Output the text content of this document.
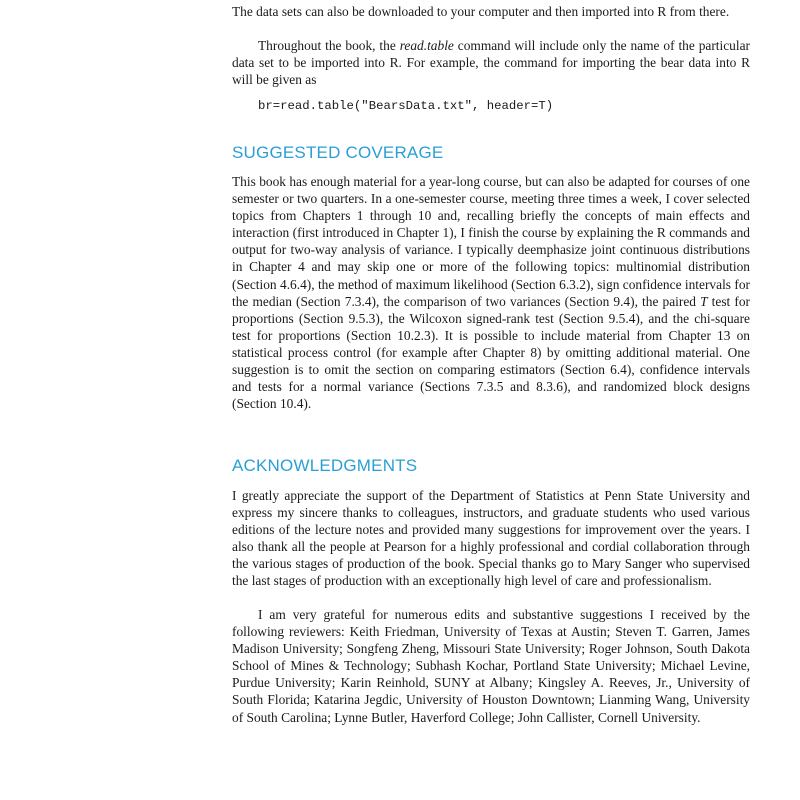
The data sets can also be downloaded to your computer and then imported into R from there.

Throughout the book, the read.table command will include only the name of the particular data set to be imported into R. For example, the command for importing the bear data into R will be given as

br=read.table("BearsData.txt", header=T)
SUGGESTED COVERAGE

This book has enough material for a year-long course, but can also be adapted for courses of one semester or two quarters. In a one-semester course, meeting three times a week, I cover selected topics from Chapters 1 through 10 and, recalling briefly the concepts of main effects and interaction (first introduced in Chapter 1), I finish the course by explaining the R commands and output for two-way analysis of variance. I typically deemphasize joint continuous distributions in Chapter 4 and may skip one or more of the following topics: multinomial distribution (Section 4.6.4), the method of maximum likelihood (Section 6.3.2), sign confidence intervals for the median (Section 7.3.4), the comparison of two variances (Section 9.4), the paired T test for proportions (Section 9.5.3), the Wilcoxon signed-rank test (Section 9.5.4), and the chi-square test for proportions (Section 10.2.3). It is possible to include material from Chapter 13 on statistical process control (for example after Chapter 8) by omitting additional material. One suggestion is to omit the section on comparing estimators (Section 6.4), confidence intervals and tests for a normal variance (Sections 7.3.5 and 8.3.6), and randomized block designs (Section 10.4).

ACKNOWLEDGMENTS

I greatly appreciate the support of the Department of Statistics at Penn State University and express my sincere thanks to colleagues, instructors, and graduate students who used various editions of the lecture notes and provided many suggestions for improvement over the years. I also thank all the people at Pearson for a highly professional and cordial collaboration through the various stages of production of the book. Special thanks go to Mary Sanger who supervised the last stages of production with an exceptionally high level of care and professionalism.

I am very grateful for numerous edits and substantive suggestions I received by the following reviewers: Keith Friedman, University of Texas at Austin; Steven T. Garren, James Madison University; Songfeng Zheng, Missouri State University; Roger Johnson, South Dakota School of Mines & Technology; Subhash Kochar, Portland State University; Michael Levine, Purdue University; Karin Reinhold, SUNY at Albany; Kingsley A. Reeves, Jr., University of South Florida; Katarina Jegdic, University of Houston Downtown; Lianming Wang, University of South Carolina; Lynne Butler, Haverford College; John Callister, Cornell University.
